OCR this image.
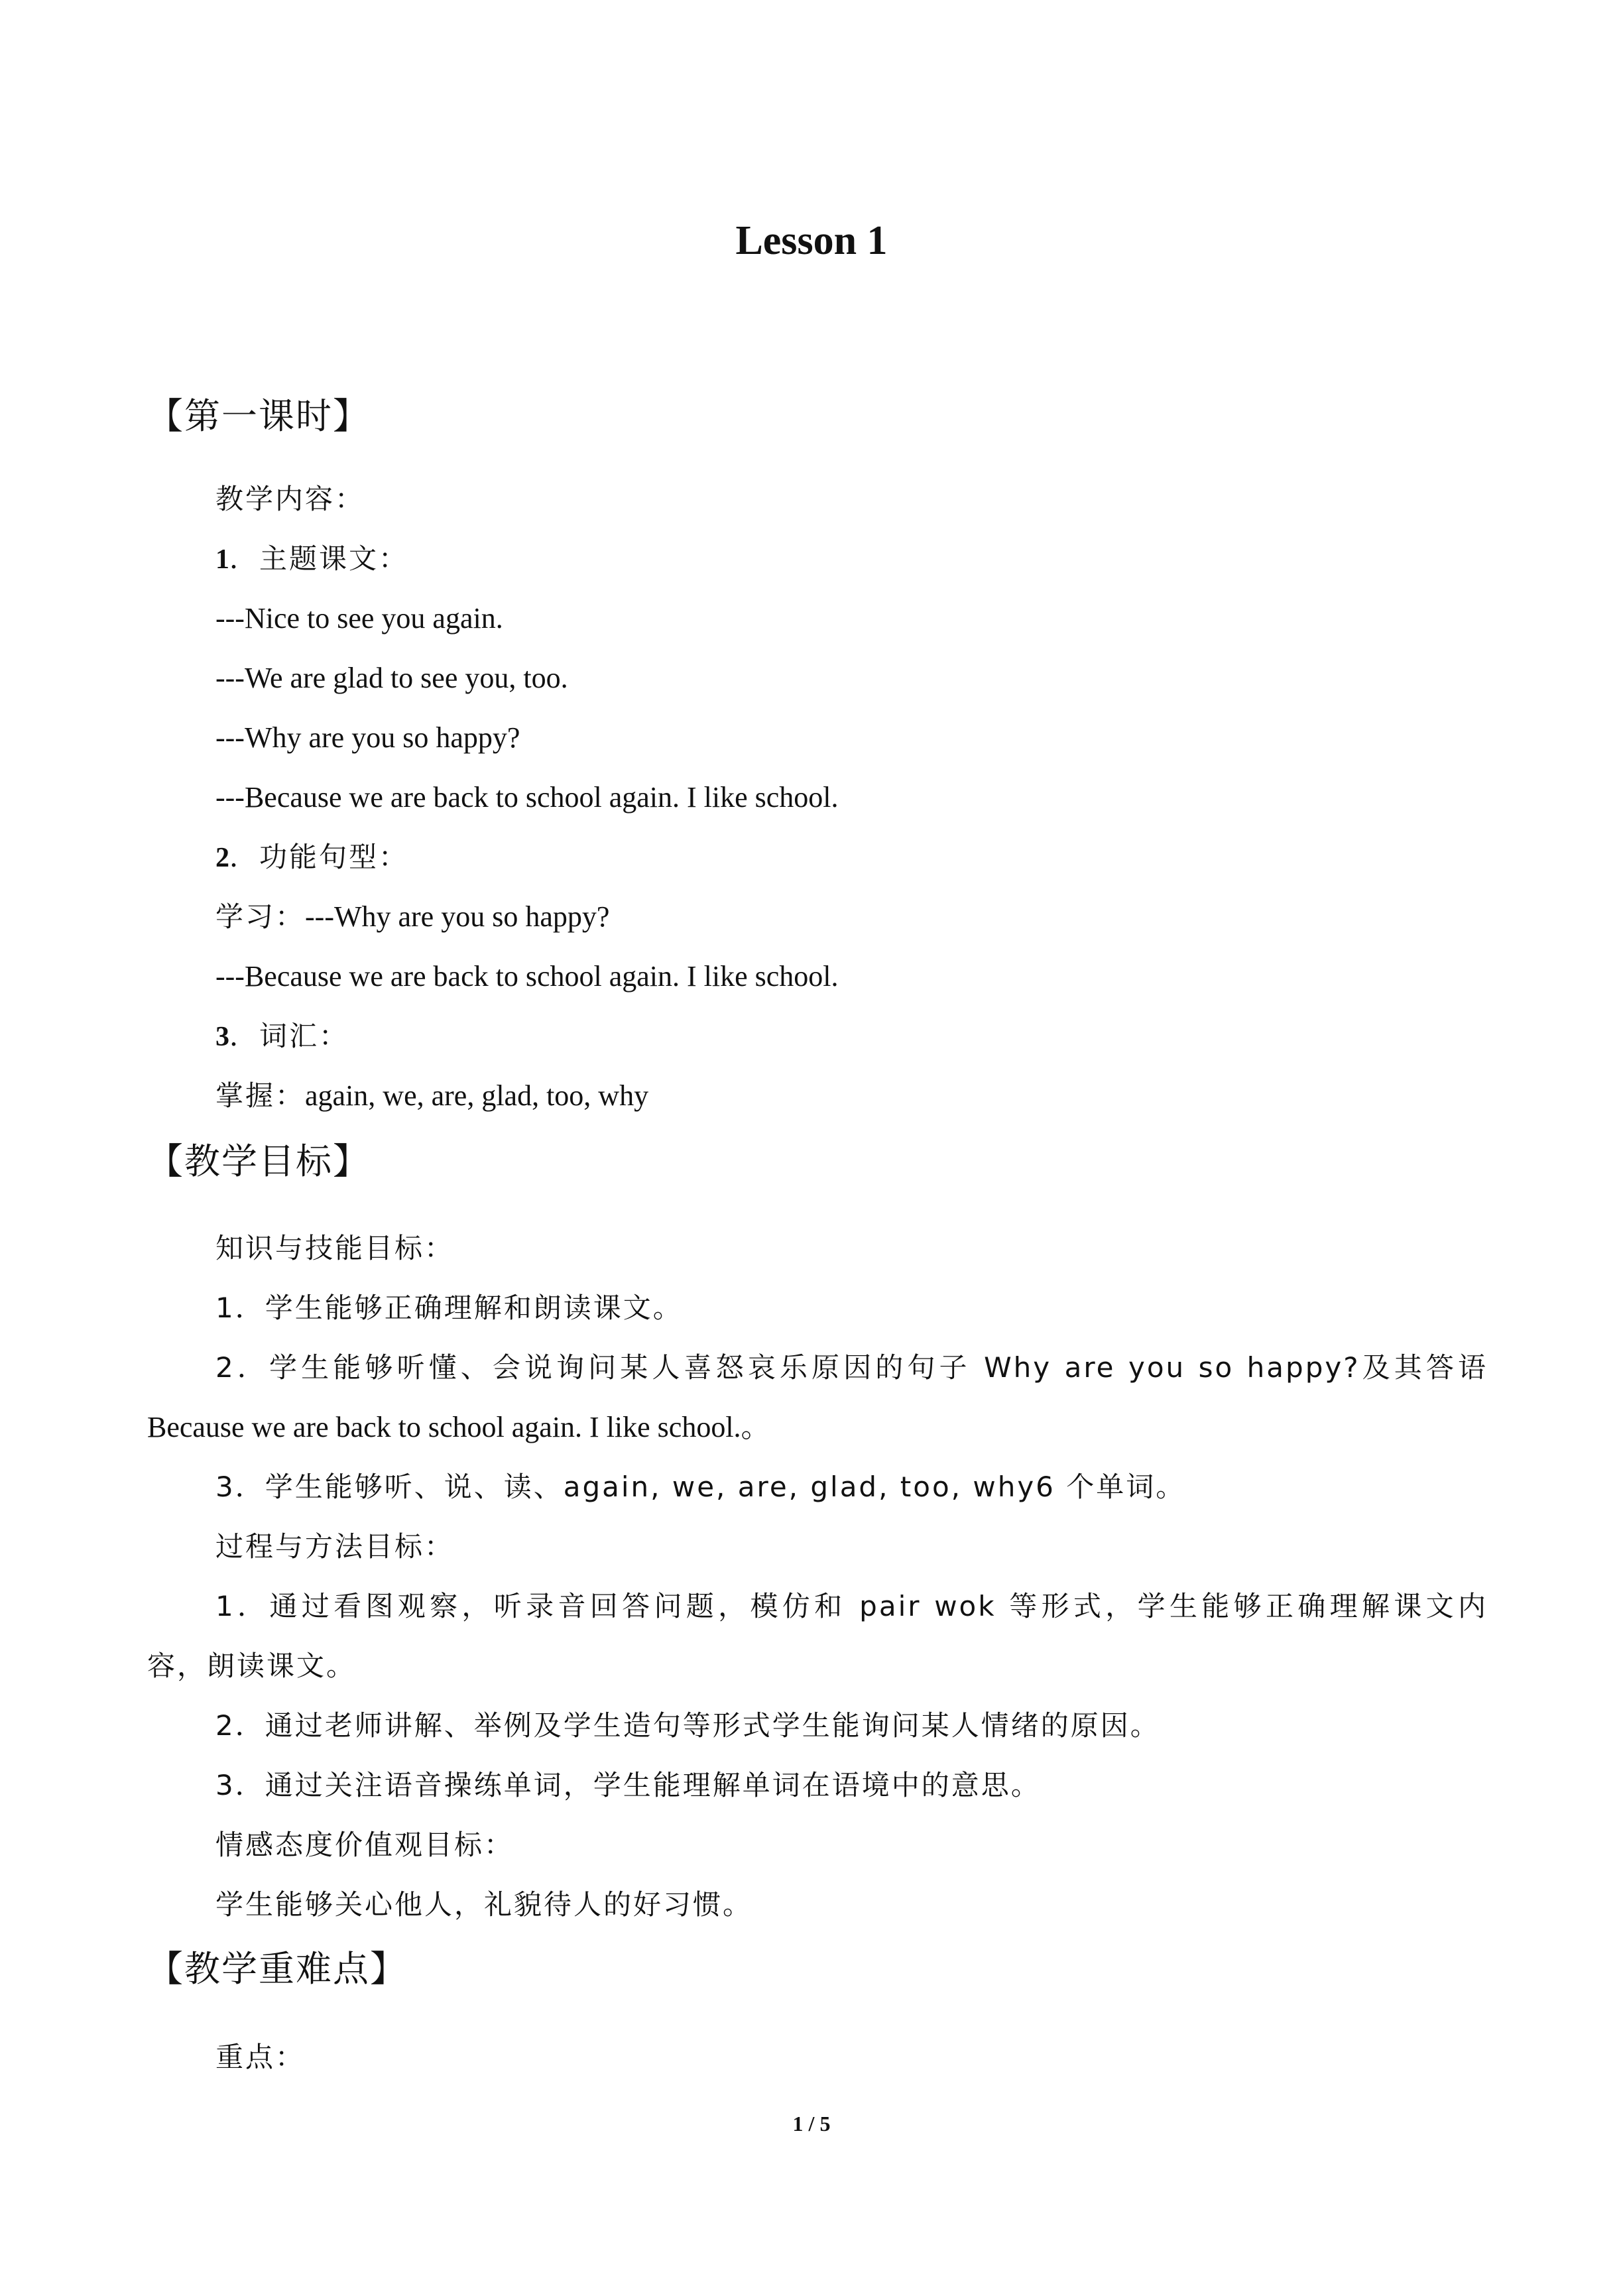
Lesson 1
【第一课时】
教学内容：
1．主题课文：
---Nice to see you again.
---We are glad to see you, too.
---Why are you so happy?
---Because we are back to school again. I like school.
2．功能句型：
学习：---Why are you so happy?
---Because we are back to school again. I like school.
3．词汇：
掌握：again, we, are, glad, too, why
【教学目标】
知识与技能目标：
1．学生能够正确理解和朗读课文。
2．学生能够听懂、会说询问某人喜怒哀乐原因的句子 Why are you so happy?及其答语
Because we are back to school again. I like school.。
3．学生能够听、说、读、again, we, are, glad, too, why6 个单词。
过程与方法目标：
1．通过看图观察，听录音回答问题，模仿和 pair wok 等形式，学生能够正确理解课文内
容，朗读课文。
2．通过老师讲解、举例及学生造句等形式学生能询问某人情绪的原因。
3．通过关注语音操练单词，学生能理解单词在语境中的意思。
情感态度价值观目标：
学生能够关心他人，礼貌待人的好习惯。
【教学重难点】
重点：
1 / 5
